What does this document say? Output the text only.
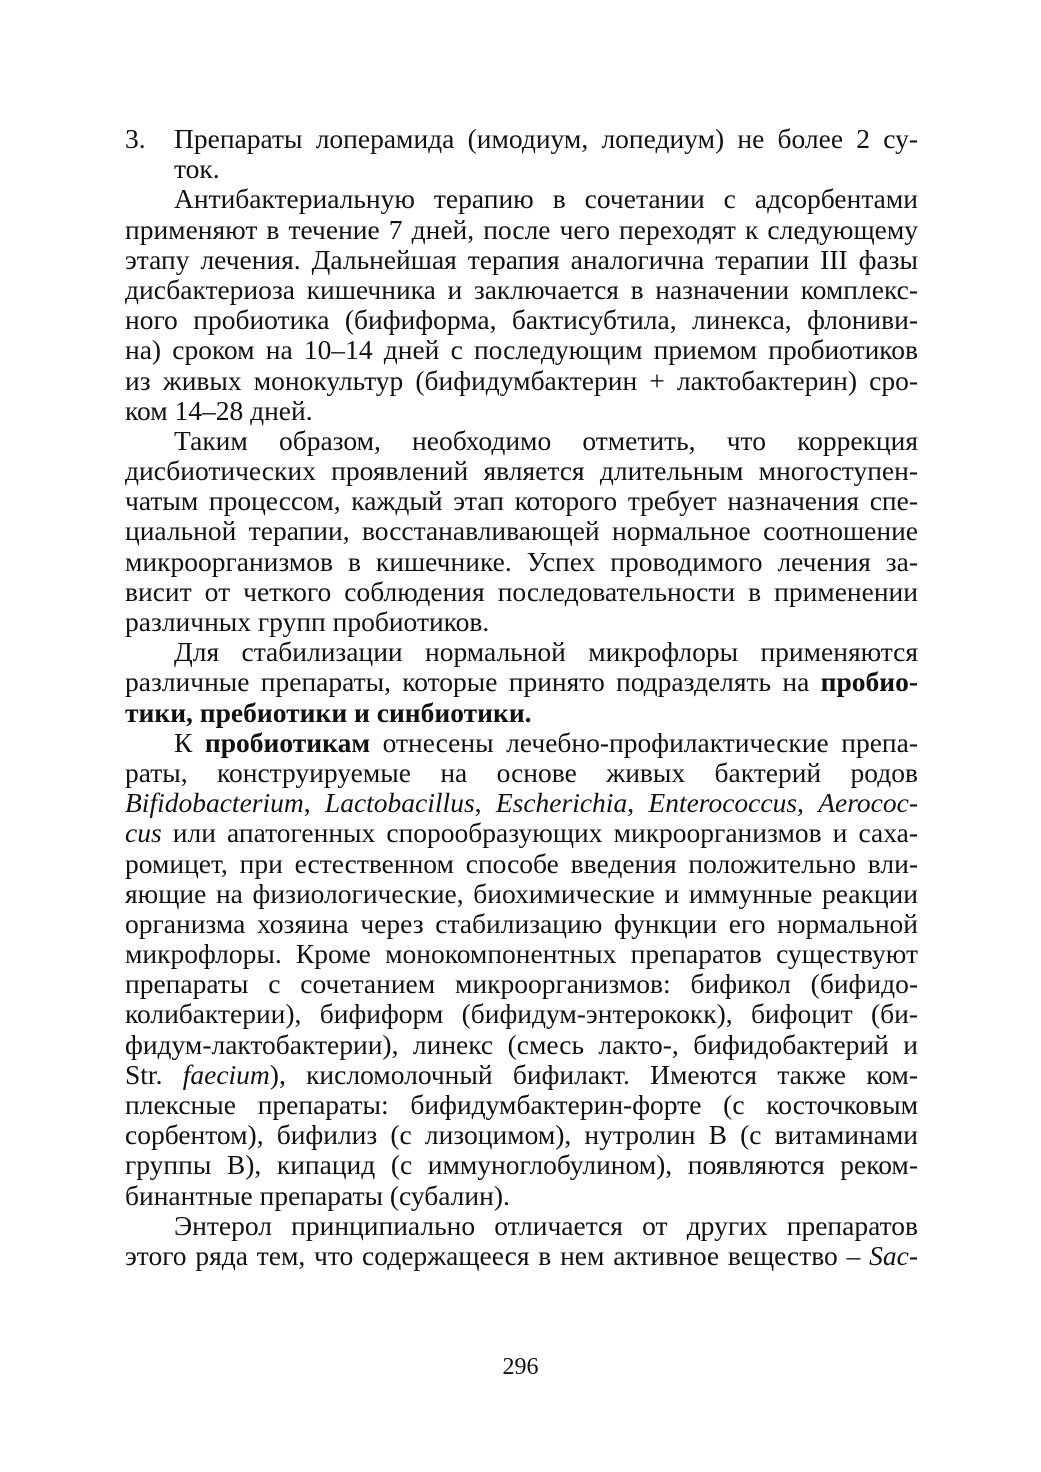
3. Препараты лоперамида (имодиум, лопедиум) не более 2 су-
ток.
Антибактериальную терапию в сочетании с адсорбентами
применяют в течение 7 дней, после чего переходят к следующему
этапу лечения. Дальнейшая терапия аналогична терапии III фазы
дисбактериоза кишечника и заключается в назначении комплекс-
ного пробиотика (бифиформа, бактисубтила, линекса, флониви-
на) сроком на 10–14 дней с последующим приемом пробиотиков
из живых монокультур (бифидумбактерин + лактобактерин) сро-
ком 14–28 дней.
Таким образом, необходимо отметить, что коррекция
дисбиотических проявлений является длительным многоступен-
чатым процессом, каждый этап которого требует назначения спе-
циальной терапии, восстанавливающей нормальное соотношение
микроорганизмов в кишечнике. Успех проводимого лечения за-
висит от четкого соблюдения последовательности в применении
различных групп пробиотиков.
Для стабилизации нормальной микрофлоры применяются
различные препараты, которые принято подразделять на пробио-
тики, пребиотики и синбиотики.
К пробиотикам отнесены лечебно-профилактические препа-
раты, конструируемые на основе живых бактерий родов
Bifidobacterium, Lactobacillus, Escherichia, Enterococcus, Aerococ-
cus или апатогенных спорообразующих микроорганизмов и саха-
ромицет, при естественном способе введения положительно вли-
яющие на физиологические, биохимические и иммунные реакции
организма хозяина через стабилизацию функции его нормальной
микрофлоры. Кроме монокомпонентных препаратов существуют
препараты с сочетанием микроорганизмов: бификол (бифидо-
колибактерии), бифиформ (бифидум-энтерококк), бифоцит (би-
фидум-лактобактерии), линекс (смесь лакто-, бифидобактерий и
Str. faecium), кисломолочный бифилакт. Имеются также ком-
плексные препараты: бифидумбактерин-форте (с косточковым
сорбентом), бифилиз (с лизоцимом), нутролин В (с витаминами
группы В), кипацид (с иммуноглобулином), появляются реком-
бинантные препараты (субалин).
Энтерол принципиально отличается от других препаратов
этого ряда тем, что содержащееся в нем активное вещество – Sac-
296
